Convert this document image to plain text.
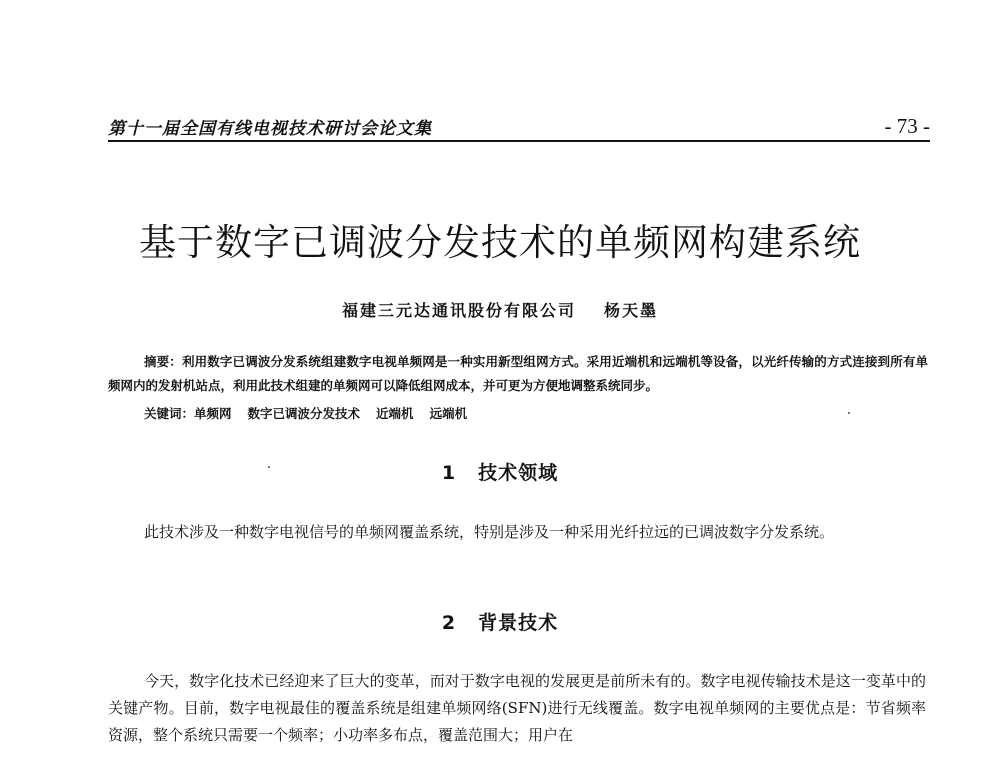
第十一届全国有线电视技术研讨会论文集	- 73 -
基于数字已调波分发技术的单频网构建系统
福建三元达通讯股份有限公司 杨天墨
摘要：利用数字已调波分发系统组建数字电视单频网是一种实用新型组网方式。采用近端机和远端机等设备，以光纤传输的方式连接到所有单频网内的发射机站点，利用此技术组建的单频网可以降低组网成本，并可更为方便地调整系统同步。
关键词：单频网 数字已调波分发技术 近端机 远端机
1 技术领域
此技术涉及一种数字电视信号的单频网覆盖系统，特别是涉及一种采用光纤拉远的已调波数字分发系统。
2 背景技术
今天，数字化技术已经迎来了巨大的变革，而对于数字电视的发展更是前所未有的。数字电视传输技术是这一变革中的关键产物。目前，数字电视最佳的覆盖系统是组建单频网络(SFN)进行无线覆盖。数字电视单频网的主要优点是：节省频率资源，整个系统只需要一个频率；小功率多布点，覆盖范围大；用户在
